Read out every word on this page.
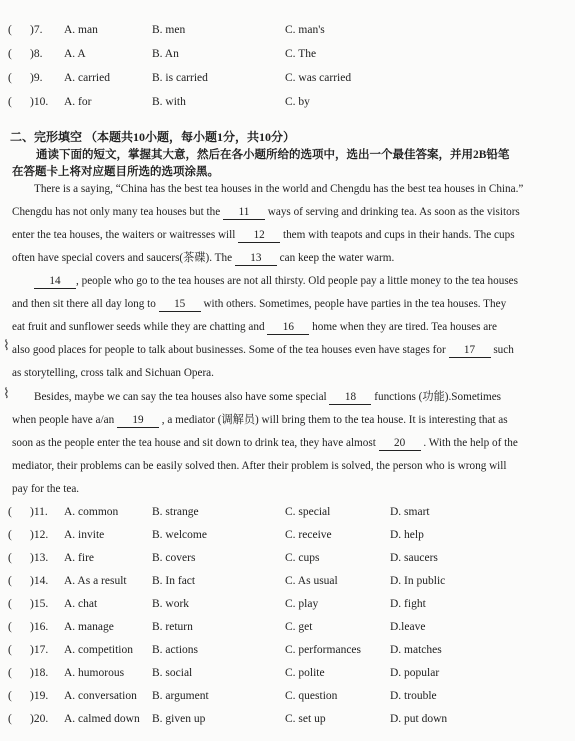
( )7. A. man	B. men	C. man's
( )8. A. A	B. An	C. The
( )9. A. carried	B. is carried	C. was carried
( )10. A. for	B. with	C. by
二、完形填空 （本题共10小题，每小题1分，共10分）
通读下面的短文，掌握其大意，然后在各小题所给的选项中，选出一个最佳答案，并用2B铅笔
在答题卡上将对应题目所选的选项涂黑。
There is a saying, “China has the best tea houses in the world and Chengdu has the best tea houses in China.”
Chengdu has not only many tea houses but the 11 ways of serving and drinking tea. As soon as the visitors
enter the tea houses, the waiters or waitresses will 12 them with teapots and cups in their hands. The cups
often have special covers and saucers(茶碟). The 13 can keep the water warm.
14 , people who go to the tea houses are not all thirsty. Old people pay a little money to the tea houses
and then sit there all day long to 15 with others. Sometimes, people have parties in the tea houses. They
eat fruit and sunflower seeds while they are chatting and 16 home when they are tired. Tea houses are
⌇ also good places for people to talk about businesses. Some of the tea houses even have stages for 17 such
as storytelling, cross talk and Sichuan Opera.
⌇ Besides, maybe we can say the tea houses also have some special 18 functions (功能).Sometimes
when people have a/an 19 , a mediator (调解员) will bring them to the tea house. It is interesting that as
soon as the people enter the tea house and sit down to drink tea, they have almost 20 . With the help of the
mediator, their problems can be easily solved then. After their problem is solved, the person who is wrong will
pay for the tea.
( )11. A. common	B. strange	C. special	D. smart
( )12. A. invite	B. welcome	C. receive	D. help
( )13. A. fire	B. covers	C. cups	D. saucers
( )14. A. As a result B. In fact	C. As usual	D. In public
( )15. A. chat	B. work	C. play	D. fight
( )16. A. manage	B. return	C. get	D.leave
( )17. A. competition B. actions	C. performances	D. matches
( )18. A. humorous B. social	C. polite	D. popular
( )19. A. conversation B. argument	C. question	D. trouble
( )20. A. calmed down B. given up	C. set up	D. put down
